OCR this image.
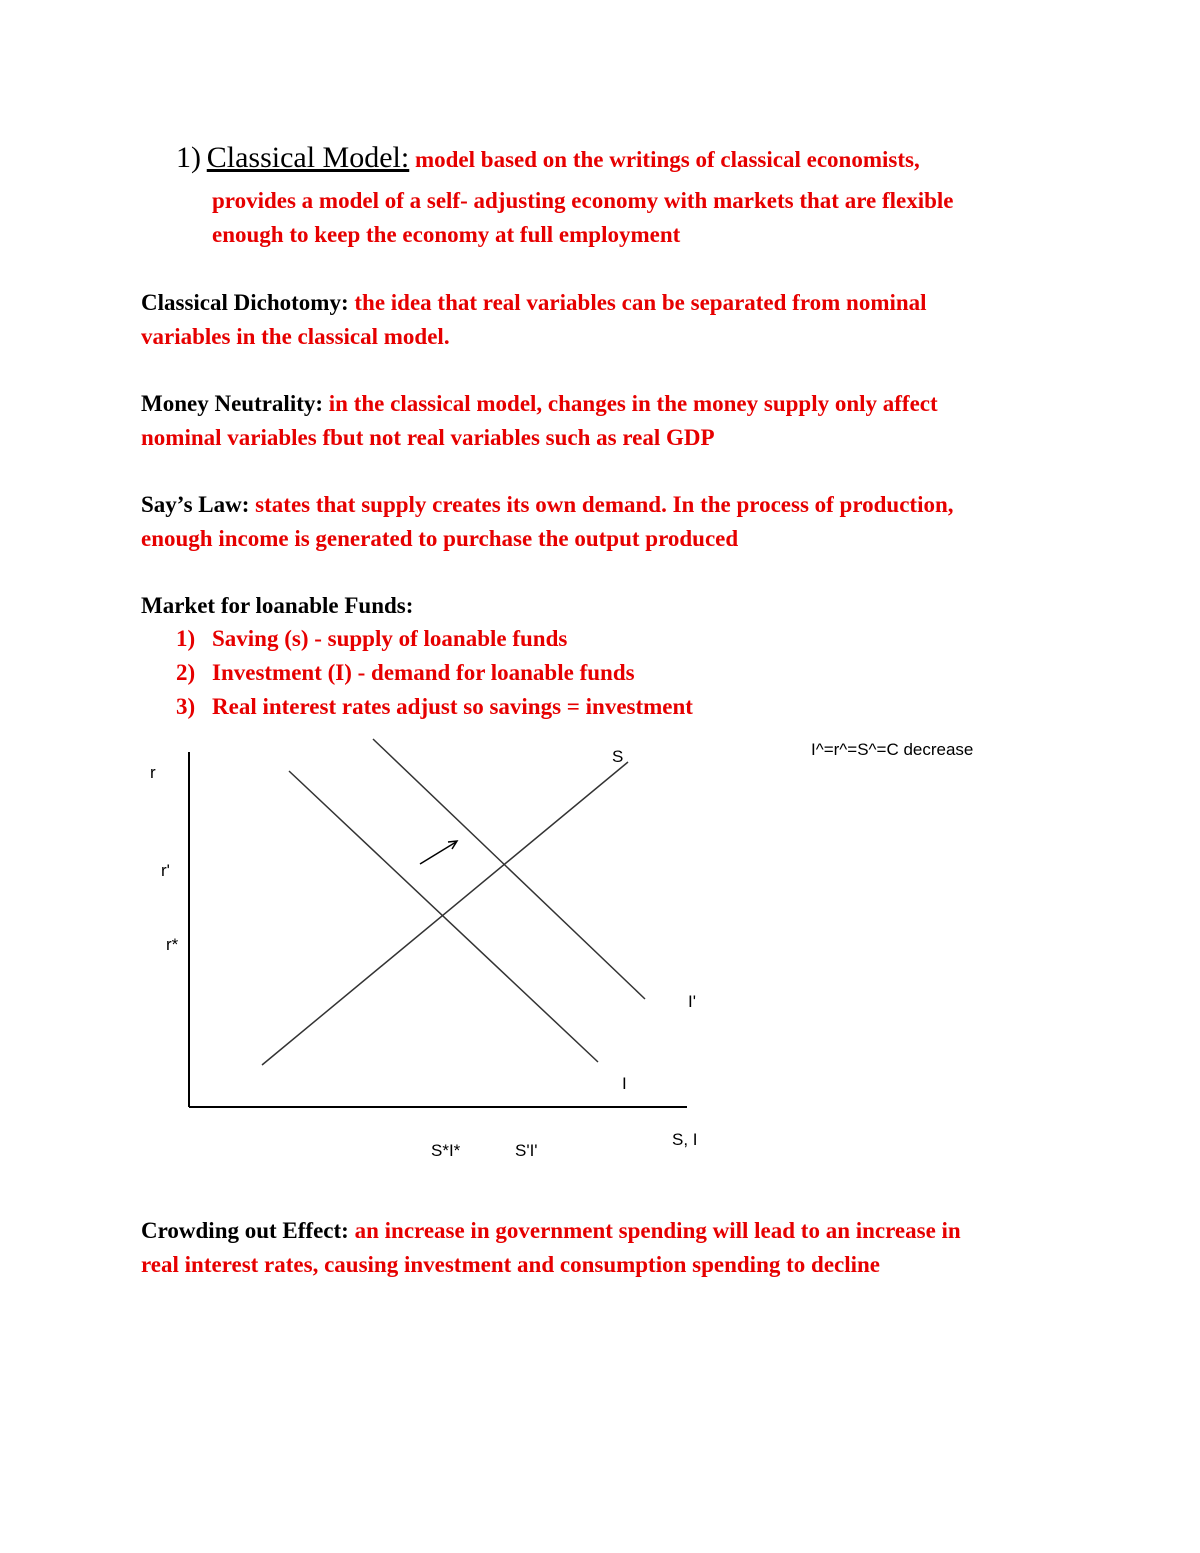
1) Classical Model: model based on the writings of classical economists,
provides a model of a self- adjusting economy with markets that are flexible
enough to keep the economy at full employment
Classical Dichotomy: the idea that real variables can be separated from nominal
variables in the classical model.
Money Neutrality: in the classical model, changes in the money supply only affect
nominal variables fbut not real variables such as real GDP
Say’s Law: states that supply creates its own demand. In the process of production,
enough income is generated to purchase the output produced
Market for loanable Funds:
1) Saving (s) - supply of loanable funds
2) Investment (I) - demand for loanable funds
3) Real interest rates adjust so savings = investment
r
r'
r*
S
I'
I
S, I
S*I*	S'I'
I^=r^=S^=C decrease
Crowding out Effect: an increase in government spending will lead to an increase in
real interest rates, causing investment and consumption spending to decline
